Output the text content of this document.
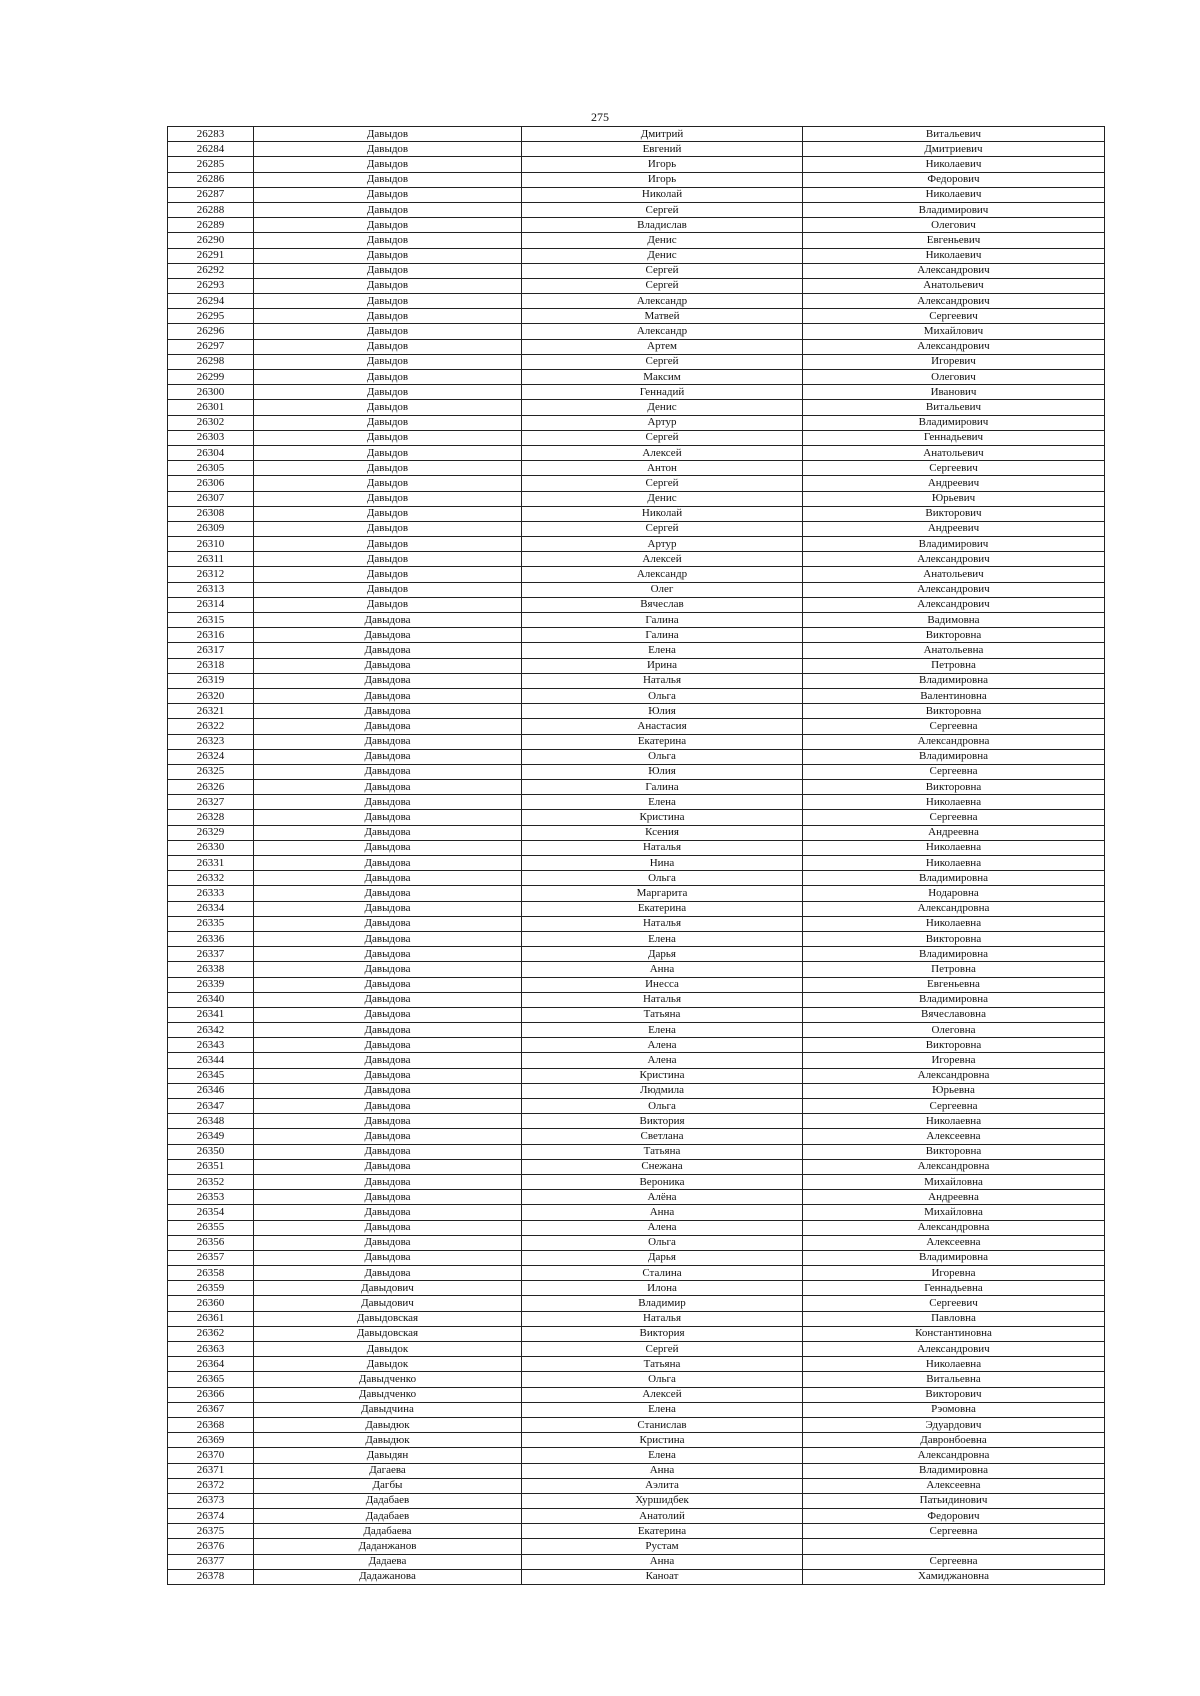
275
26283	Давыдов	Дмитрий	Витальевич
26284	Давыдов	Евгений	Дмитриевич
26285	Давыдов	Игорь	Николаевич
26286	Давыдов	Игорь	Федорович
26287	Давыдов	Николай	Николаевич
26288	Давыдов	Сергей	Владимирович
26289	Давыдов	Владислав	Олегович
26290	Давыдов	Денис	Евгеньевич
26291	Давыдов	Денис	Николаевич
26292	Давыдов	Сергей	Александрович
26293	Давыдов	Сергей	Анатольевич
26294	Давыдов	Александр	Александрович
26295	Давыдов	Матвей	Сергеевич
26296	Давыдов	Александр	Михайлович
26297	Давыдов	Артем	Александрович
26298	Давыдов	Сергей	Игоревич
26299	Давыдов	Максим	Олегович
26300	Давыдов	Геннадий	Иванович
26301	Давыдов	Денис	Витальевич
26302	Давыдов	Артур	Владимирович
26303	Давыдов	Сергей	Геннадьевич
26304	Давыдов	Алексей	Анатольевич
26305	Давыдов	Антон	Сергеевич
26306	Давыдов	Сергей	Андреевич
26307	Давыдов	Денис	Юрьевич
26308	Давыдов	Николай	Викторович
26309	Давыдов	Сергей	Андреевич
26310	Давыдов	Артур	Владимирович
26311	Давыдов	Алексей	Александрович
26312	Давыдов	Александр	Анатольевич
26313	Давыдов	Олег	Александрович
26314	Давыдов	Вячеслав	Александрович
26315	Давыдова	Галина	Вадимовна
26316	Давыдова	Галина	Викторовна
26317	Давыдова	Елена	Анатольевна
26318	Давыдова	Ирина	Петровна
26319	Давыдова	Наталья	Владимировна
26320	Давыдова	Ольга	Валентиновна
26321	Давыдова	Юлия	Викторовна
26322	Давыдова	Анастасия	Сергеевна
26323	Давыдова	Екатерина	Александровна
26324	Давыдова	Ольга	Владимировна
26325	Давыдова	Юлия	Сергеевна
26326	Давыдова	Галина	Викторовна
26327	Давыдова	Елена	Николаевна
26328	Давыдова	Кристина	Сергеевна
26329	Давыдова	Ксения	Андреевна
26330	Давыдова	Наталья	Николаевна
26331	Давыдова	Нина	Николаевна
26332	Давыдова	Ольга	Владимировна
26333	Давыдова	Маргарита	Нодаровна
26334	Давыдова	Екатерина	Александровна
26335	Давыдова	Наталья	Николаевна
26336	Давыдова	Елена	Викторовна
26337	Давыдова	Дарья	Владимировна
26338	Давыдова	Анна	Петровна
26339	Давыдова	Инесса	Евгеньевна
26340	Давыдова	Наталья	Владимировна
26341	Давыдова	Татьяна	Вячеславовна
26342	Давыдова	Елена	Олеговна
26343	Давыдова	Алена	Викторовна
26344	Давыдова	Алена	Игоревна
26345	Давыдова	Кристина	Александровна
26346	Давыдова	Людмила	Юрьевна
26347	Давыдова	Ольга	Сергеевна
26348	Давыдова	Виктория	Николаевна
26349	Давыдова	Светлана	Алексеевна
26350	Давыдова	Татьяна	Викторовна
26351	Давыдова	Снежана	Александровна
26352	Давыдова	Вероника	Михайловна
26353	Давыдова	Алёна	Андреевна
26354	Давыдова	Анна	Михайловна
26355	Давыдова	Алена	Александровна
26356	Давыдова	Ольга	Алексеевна
26357	Давыдова	Дарья	Владимировна
26358	Давыдова	Сталина	Игоревна
26359	Давыдович	Илона	Геннадьевна
26360	Давыдович	Владимир	Сергеевич
26361	Давыдовская	Наталья	Павловна
26362	Давыдовская	Виктория	Константиновна
26363	Давыдок	Сергей	Александрович
26364	Давыдок	Татьяна	Николаевна
26365	Давыдченко	Ольга	Витальевна
26366	Давыдченко	Алексей	Викторович
26367	Давыдчина	Елена	Рэомовна
26368	Давыдюк	Станислав	Эдуардович
26369	Давыдюк	Кристина	Давронбоевна
26370	Давыдян	Елена	Александровна
26371	Дагаева	Анна	Владимировна
26372	Дагбы	Аэлита	Алексеевна
26373	Дадабаев	Хуршидбек	Патьидинович
26374	Дадабаев	Анатолий	Федорович
26375	Дадабаева	Екатерина	Сергеевна
26376	Даданжанов	Рустам	
26377	Дадаева	Анна	Сергеевна
26378	Дадажанова	Каноат	Хамиджановна
